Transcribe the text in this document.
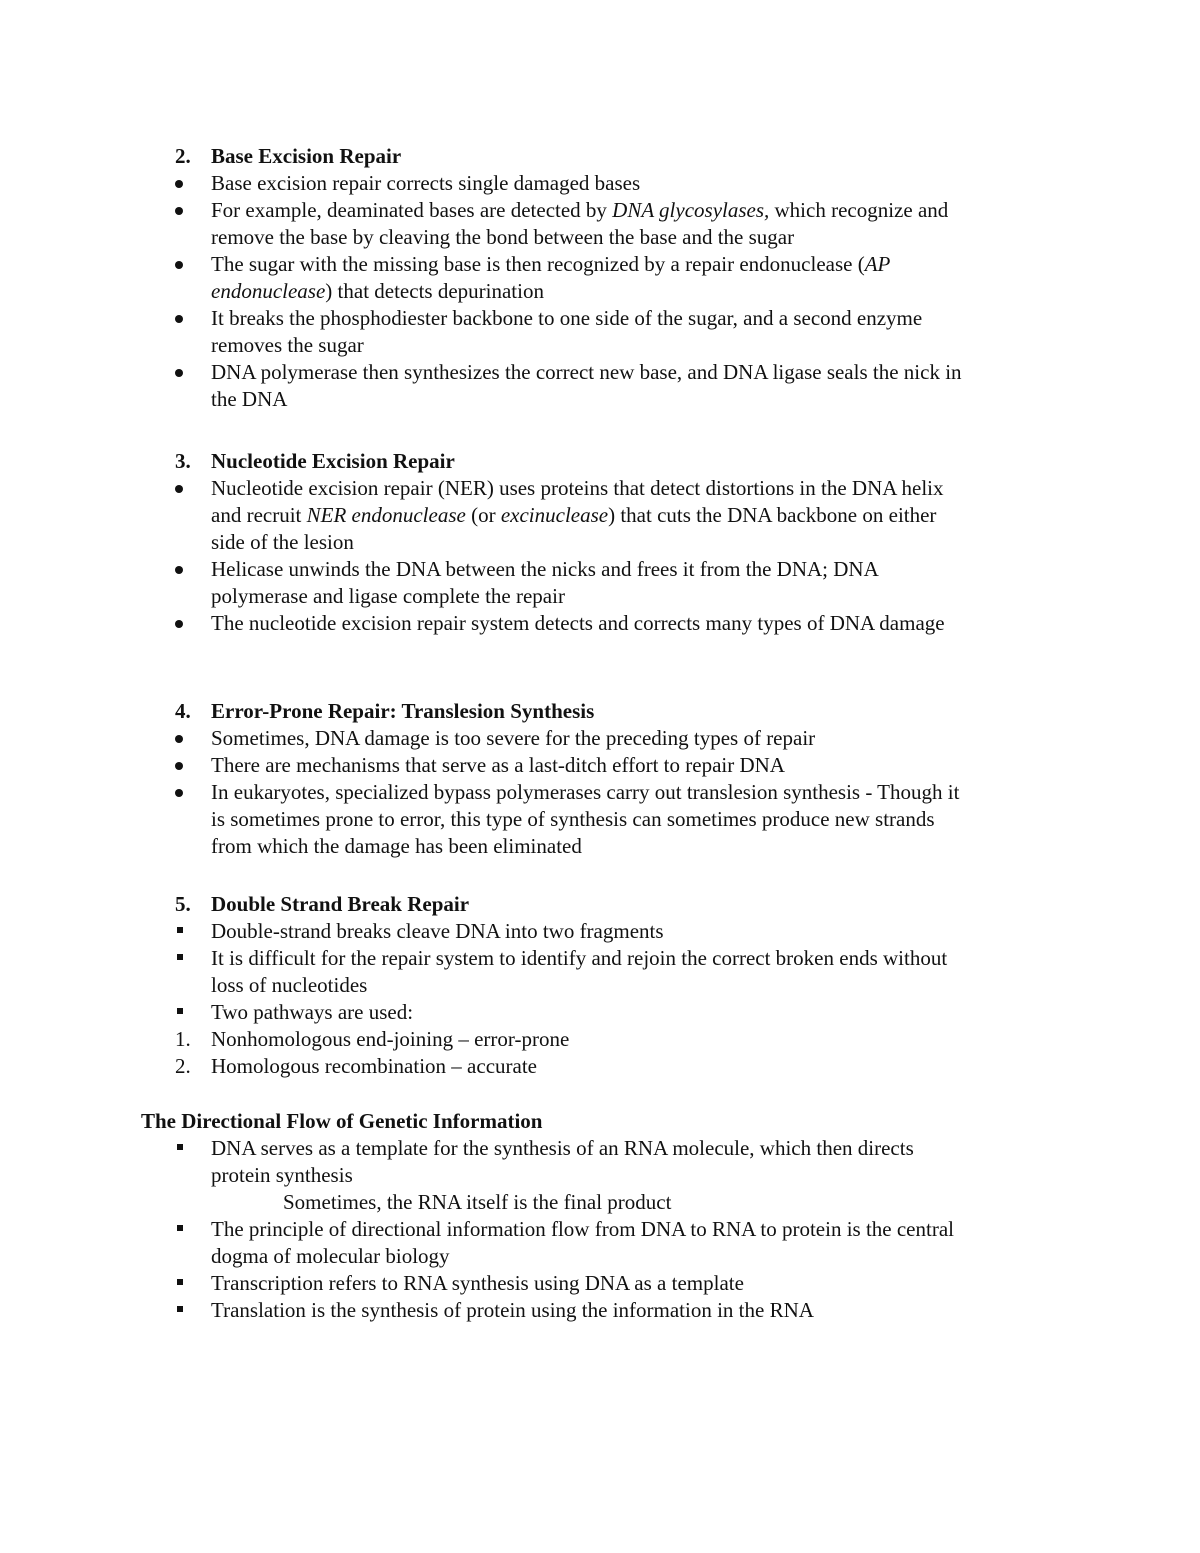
2. Base Excision Repair
Base excision repair corrects single damaged bases
For example, deaminated bases are detected by DNA glycosylases, which recognize and
remove the base by cleaving the bond between the base and the sugar
The sugar with the missing base is then recognized by a repair endonuclease (AP
endonuclease) that detects depurination
It breaks the phosphodiester backbone to one side of the sugar, and a second enzyme
removes the sugar
DNA polymerase then synthesizes the correct new base, and DNA ligase seals the nick in
the DNA
3. Nucleotide Excision Repair
Nucleotide excision repair (NER) uses proteins that detect distortions in the DNA helix
and recruit NER endonuclease (or excinuclease) that cuts the DNA backbone on either
side of the lesion
Helicase unwinds the DNA between the nicks and frees it from the DNA; DNA
polymerase and ligase complete the repair
The nucleotide excision repair system detects and corrects many types of DNA damage
4. Error-Prone Repair: Translesion Synthesis
Sometimes, DNA damage is too severe for the preceding types of repair
There are mechanisms that serve as a last-ditch effort to repair DNA
In eukaryotes, specialized bypass polymerases carry out translesion synthesis - Though it
is sometimes prone to error, this type of synthesis can sometimes produce new strands
from which the damage has been eliminated
5. Double Strand Break Repair
Double-strand breaks cleave DNA into two fragments
It is difficult for the repair system to identify and rejoin the correct broken ends without
loss of nucleotides
Two pathways are used:
1. Nonhomologous end-joining – error-prone
2. Homologous recombination – accurate
The Directional Flow of Genetic Information
DNA serves as a template for the synthesis of an RNA molecule, which then directs
protein synthesis
Sometimes, the RNA itself is the final product
The principle of directional information flow from DNA to RNA to protein is the central
dogma of molecular biology
Transcription refers to RNA synthesis using DNA as a template
Translation is the synthesis of protein using the information in the RNA
